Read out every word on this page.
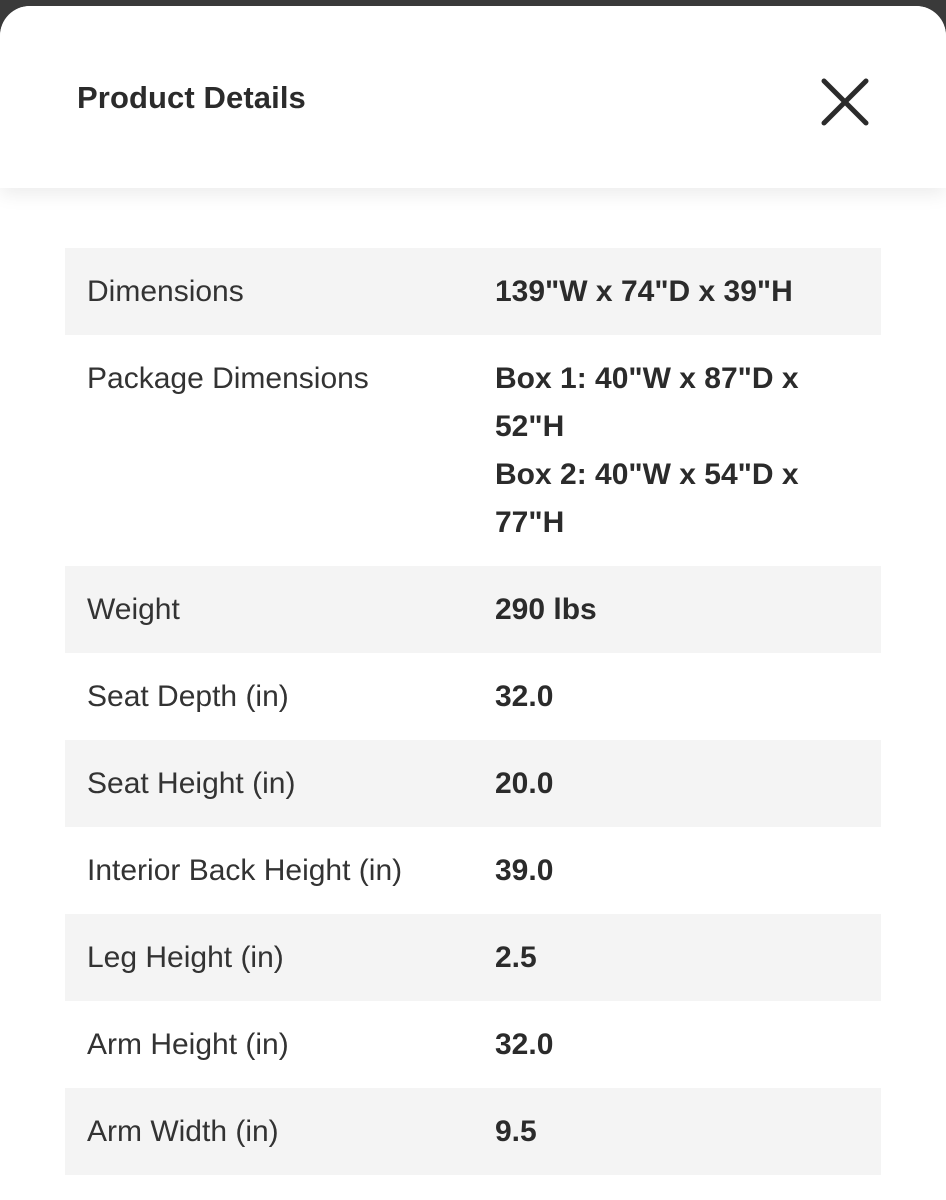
Product Details
Dimensions	139"W x 74"D x 39"H
Package Dimensions	Box 1: 40"W x 87"D x 52"H
Box 2: 40"W x 54"D x 77"H

Weight	290 lbs
Seat Depth (in)	32.0
Seat Height (in)	20.0
Interior Back Height (in)	39.0
Leg Height (in)	2.5
Arm Height (in)	32.0
Arm Width (in)	9.5
